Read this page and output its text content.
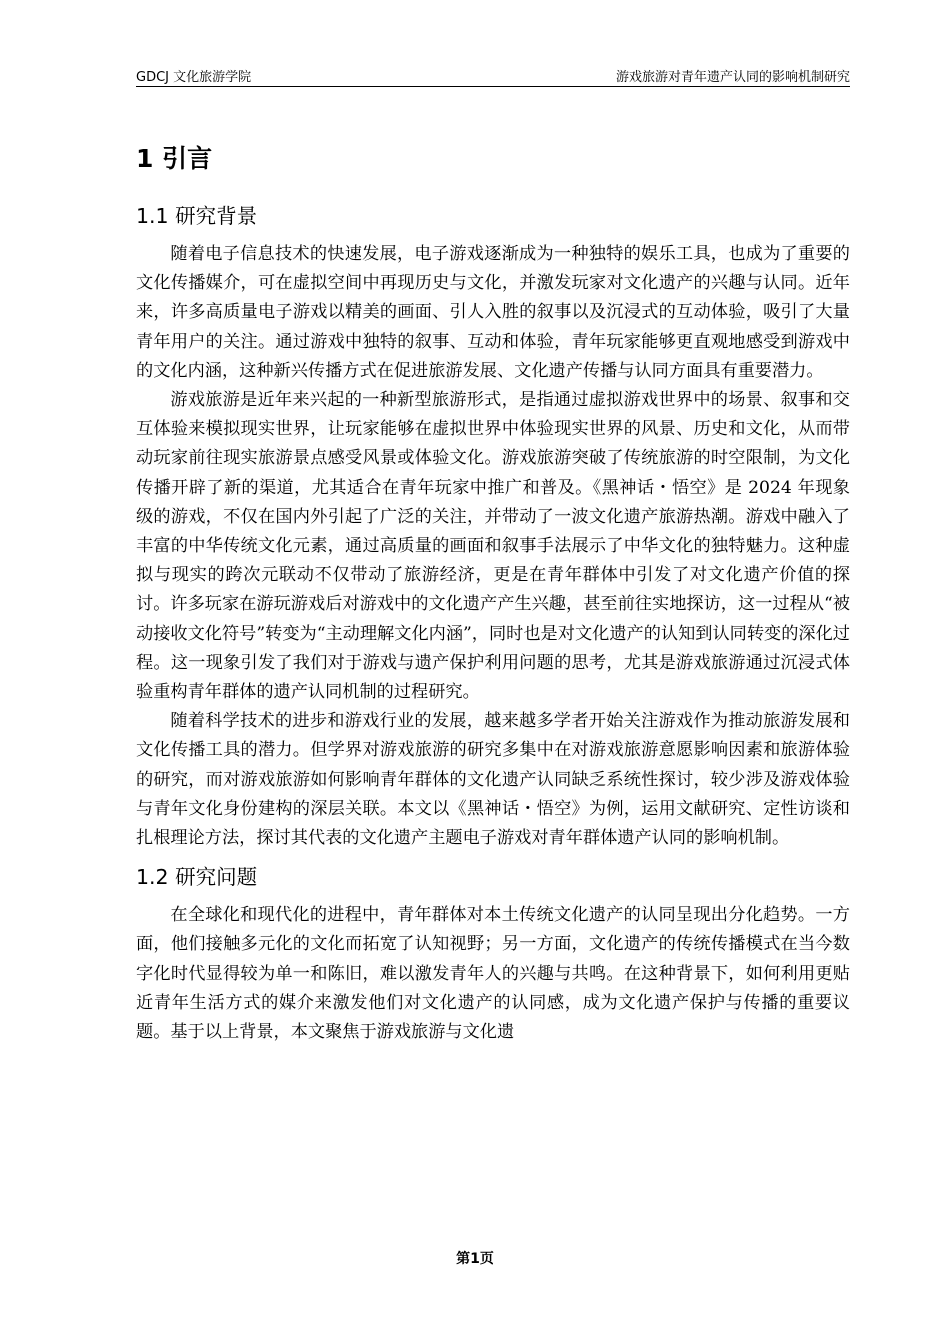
GDCJ 文化旅游学院	游戏旅游对青年遗产认同的影响机制研究
1 引言
1.1 研究背景

随着电子信息技术的快速发展，电子游戏逐渐成为一种独特的娱乐工具，也成为了重要的文化传播媒介，可在虚拟空间中再现历史与文化，并激发玩家对文化遗产的兴趣与认同。近年来，许多高质量电子游戏以精美的画面、引人入胜的叙事以及沉浸式的互动体验，吸引了大量青年用户的关注。通过游戏中独特的叙事、互动和体验，青年玩家能够更直观地感受到游戏中的文化内涵，这种新兴传播方式在促进旅游发展、文化遗产传播与认同方面具有重要潜力。

游戏旅游是近年来兴起的一种新型旅游形式，是指通过虚拟游戏世界中的场景、叙事和交互体验来模拟现实世界，让玩家能够在虚拟世界中体验现实世界的风景、历史和文化，从而带动玩家前往现实旅游景点感受风景或体验文化。游戏旅游突破了传统旅游的时空限制，为文化传播开辟了新的渠道，尤其适合在青年玩家中推广和普及。《黑神话・悟空》是 2024 年现象级的游戏，不仅在国内外引起了广泛的关注，并带动了一波文化遗产旅游热潮。游戏中融入了丰富的中华传统文化元素，通过高质量的画面和叙事手法展示了中华文化的独特魅力。这种虚拟与现实的跨次元联动不仅带动了旅游经济，更是在青年群体中引发了对文化遗产价值的探讨。许多玩家在游玩游戏后对游戏中的文化遗产产生兴趣，甚至前往实地探访，这一过程从“被动接收文化符号”转变为“主动理解文化内涵”，同时也是对文化遗产的认知到认同转变的深化过程。这一现象引发了我们对于游戏与遗产保护利用问题的思考，尤其是游戏旅游通过沉浸式体验重构青年群体的遗产认同机制的过程研究。

随着科学技术的进步和游戏行业的发展，越来越多学者开始关注游戏作为推动旅游发展和文化传播工具的潜力。但学界对游戏旅游的研究多集中在对游戏旅游意愿影响因素和旅游体验的研究，而对游戏旅游如何影响青年群体的文化遗产认同缺乏系统性探讨，较少涉及游戏体验与青年文化身份建构的深层关联。本文以《黑神话・悟空》为例，运用文献研究、定性访谈和扎根理论方法，探讨其代表的文化遗产主题电子游戏对青年群体遗产认同的影响机制。

1.2 研究问题

在全球化和现代化的进程中，青年群体对本土传统文化遗产的认同呈现出分化趋势。一方面，他们接触多元化的文化而拓宽了认知视野；另一方面，文化遗产的传统传播模式在当今数字化时代显得较为单一和陈旧，难以激发青年人的兴趣与共鸣。在这种背景下，如何利用更贴近青年生活方式的媒介来激发他们对文化遗产的认同感，成为文化遗产保护与传播的重要议题。基于以上背景，本文聚焦于游戏旅游与文化遗

第1页
